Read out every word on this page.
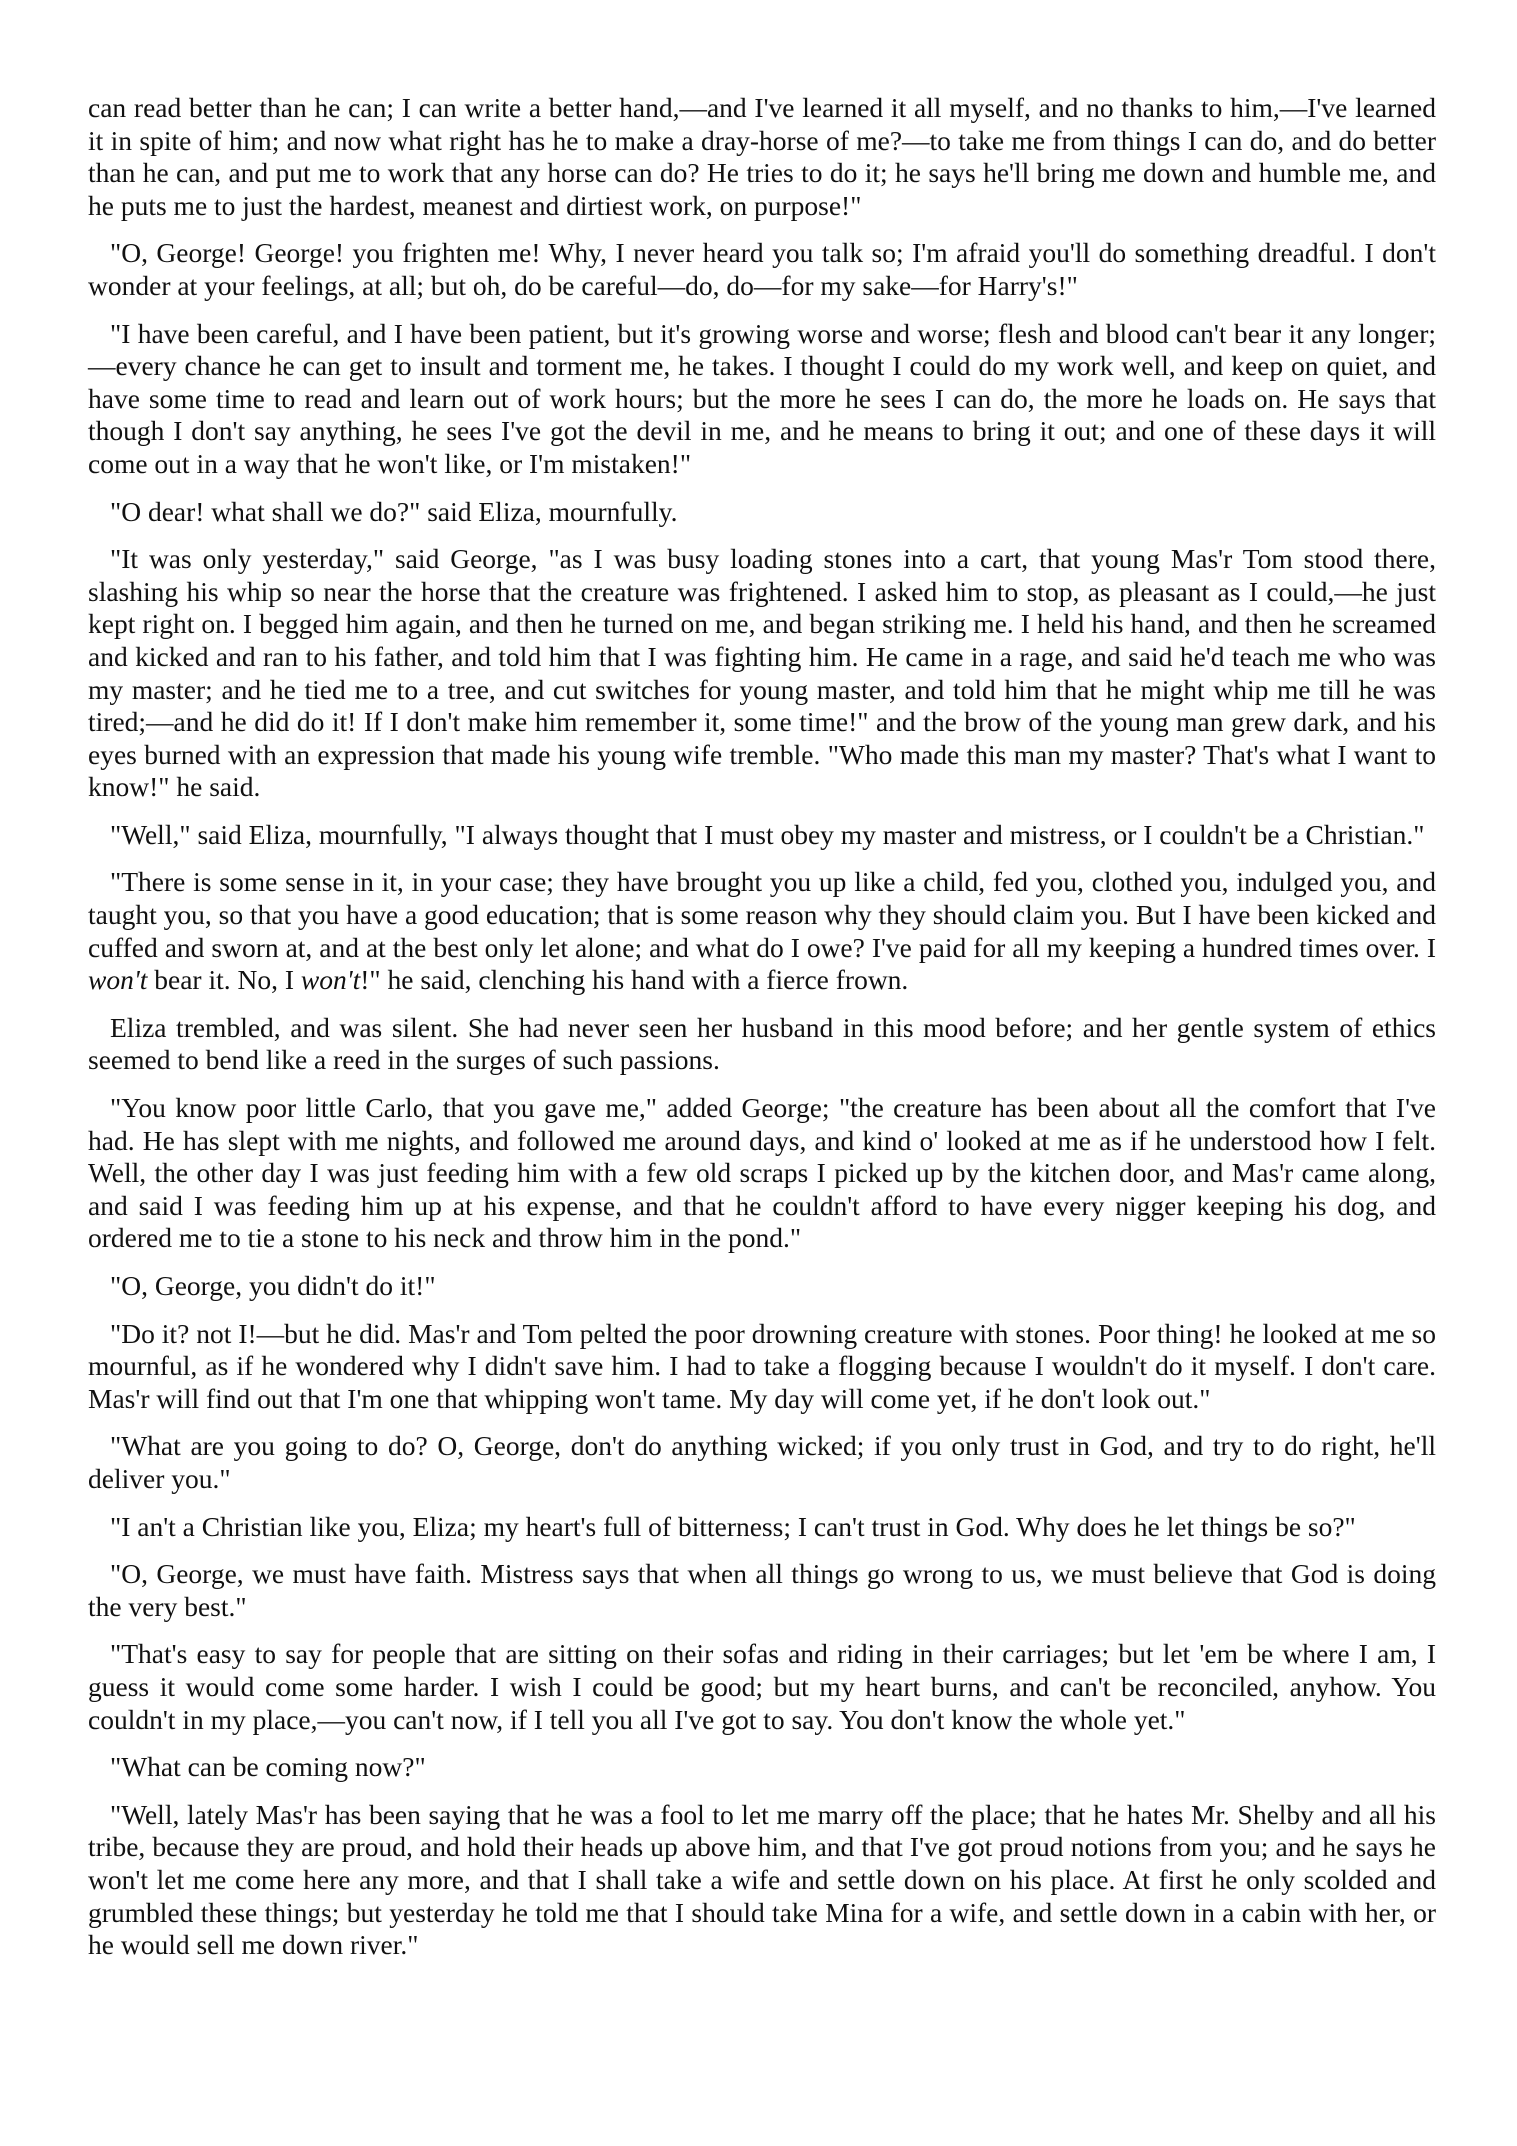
can read better than he can; I can write a better hand,—and I've learned it all myself, and no thanks to him,—I've learned it in spite of him; and now what right has he to make a dray-horse of me?—to take me from things I can do, and do better than he can, and put me to work that any horse can do? He tries to do it; he says he'll bring me down and humble me, and he puts me to just the hardest, meanest and dirtiest work, on purpose!"

"O, George! George! you frighten me! Why, I never heard you talk so; I'm afraid you'll do something dreadful. I don't wonder at your feelings, at all; but oh, do be careful—do, do—for my sake—for Harry's!"

"I have been careful, and I have been patient, but it's growing worse and worse; flesh and blood can't bear it any longer;—every chance he can get to insult and torment me, he takes. I thought I could do my work well, and keep on quiet, and have some time to read and learn out of work hours; but the more he sees I can do, the more he loads on. He says that though I don't say anything, he sees I've got the devil in me, and he means to bring it out; and one of these days it will come out in a way that he won't like, or I'm mistaken!"

"O dear! what shall we do?" said Eliza, mournfully.

"It was only yesterday," said George, "as I was busy loading stones into a cart, that young Mas'r Tom stood there, slashing his whip so near the horse that the creature was frightened. I asked him to stop, as pleasant as I could,—he just kept right on. I begged him again, and then he turned on me, and began striking me. I held his hand, and then he screamed and kicked and ran to his father, and told him that I was fighting him. He came in a rage, and said he'd teach me who was my master; and he tied me to a tree, and cut switches for young master, and told him that he might whip me till he was tired;—and he did do it! If I don't make him remember it, some time!" and the brow of the young man grew dark, and his eyes burned with an expression that made his young wife tremble. "Who made this man my master? That's what I want to know!" he said.

"Well," said Eliza, mournfully, "I always thought that I must obey my master and mistress, or I couldn't be a Christian."

"There is some sense in it, in your case; they have brought you up like a child, fed you, clothed you, indulged you, and taught you, so that you have a good education; that is some reason why they should claim you. But I have been kicked and cuffed and sworn at, and at the best only let alone; and what do I owe? I've paid for all my keeping a hundred times over. I won't bear it. No, I won't!" he said, clenching his hand with a fierce frown.

Eliza trembled, and was silent. She had never seen her husband in this mood before; and her gentle system of ethics seemed to bend like a reed in the surges of such passions.

"You know poor little Carlo, that you gave me," added George; "the creature has been about all the comfort that I've had. He has slept with me nights, and followed me around days, and kind o' looked at me as if he understood how I felt. Well, the other day I was just feeding him with a few old scraps I picked up by the kitchen door, and Mas'r came along, and said I was feeding him up at his expense, and that he couldn't afford to have every nigger keeping his dog, and ordered me to tie a stone to his neck and throw him in the pond."

"O, George, you didn't do it!"

"Do it? not I!—but he did. Mas'r and Tom pelted the poor drowning creature with stones. Poor thing! he looked at me so mournful, as if he wondered why I didn't save him. I had to take a flogging because I wouldn't do it myself. I don't care. Mas'r will find out that I'm one that whipping won't tame. My day will come yet, if he don't look out."

"What are you going to do? O, George, don't do anything wicked; if you only trust in God, and try to do right, he'll deliver you."

"I an't a Christian like you, Eliza; my heart's full of bitterness; I can't trust in God. Why does he let things be so?"

"O, George, we must have faith. Mistress says that when all things go wrong to us, we must believe that God is doing the very best."

"That's easy to say for people that are sitting on their sofas and riding in their carriages; but let 'em be where I am, I guess it would come some harder. I wish I could be good; but my heart burns, and can't be reconciled, anyhow. You couldn't in my place,—you can't now, if I tell you all I've got to say. You don't know the whole yet."

"What can be coming now?"

"Well, lately Mas'r has been saying that he was a fool to let me marry off the place; that he hates Mr. Shelby and all his tribe, because they are proud, and hold their heads up above him, and that I've got proud notions from you; and he says he won't let me come here any more, and that I shall take a wife and settle down on his place. At first he only scolded and grumbled these things; but yesterday he told me that I should take Mina for a wife, and settle down in a cabin with her, or he would sell me down river."
